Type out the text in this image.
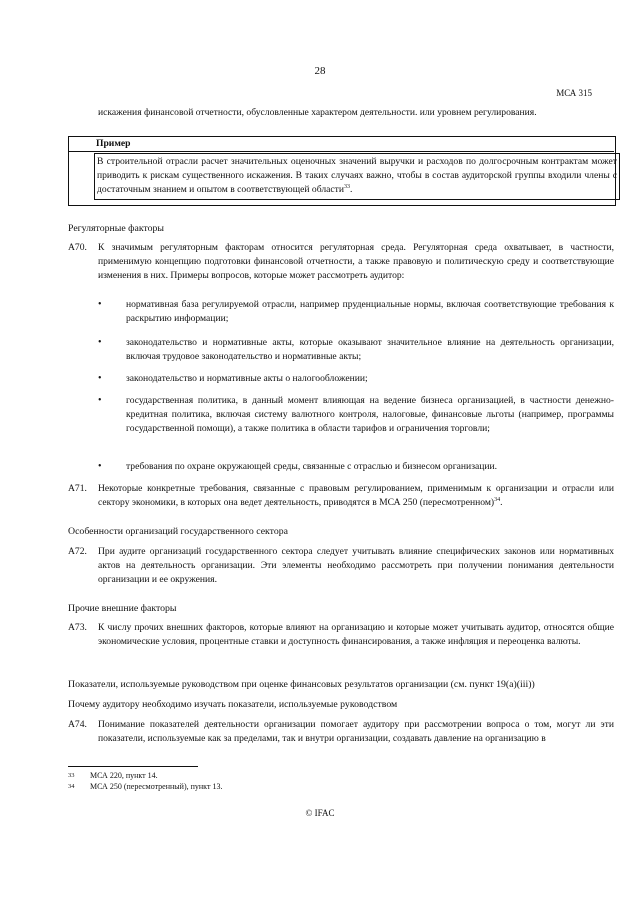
28
МСА 315
искажения финансовой отчетности, обусловленные характером деятельности. или уровнем регулирования.
Пример
В строительной отрасли расчет значительных оценочных значений выручки и расходов по долгосрочным контрактам может приводить к рискам существенного искажения. В таких случаях важно, чтобы в состав аудиторской группы входили члены с достаточным знанием и опытом в соответствующей области$^{33}$.
Регуляторные факторы
А70. К значимым регуляторным факторам относится регуляторная среда. Регуляторная среда охватывает, в частности, применимую концепцию подготовки финансовой отчетности, а также правовую и политическую среду и соответствующие изменения в них. Примеры вопросов, которые может рассмотреть аудитор:
•	нормативная база регулируемой отрасли, например пруденциальные нормы, включая соответствующие требования к раскрытию информации;
•	законодательство и нормативные акты, которые оказывают значительное влияние на деятельность организации, включая трудовое законодательство и нормативные акты;
•	законодательство и нормативные акты о налогообложении;
•	государственная политика, в данный момент влияющая на ведение бизнеса организацией, в частности денежно-кредитная политика, включая систему валютного контроля, налоговые, финансовые льготы (например, программы государственной помощи), а также политика в области тарифов и ограничения торговли;
•	требования по охране окружающей среды, связанные с отраслью и бизнесом организации.
А71. Некоторые конкретные требования, связанные с правовым регулированием, применимым к организации и отрасли или сектору экономики, в которых она ведет деятельность, приводятся в МСА 250 (пересмотренном)$^{34}$.
Особенности организаций государственного сектора
А72. При аудите организаций государственного сектора следует учитывать влияние специфических законов или нормативных актов на деятельность организации. Эти элементы необходимо рассмотреть при получении понимания деятельности организации и ее окружения.
Прочие внешние факторы
А73. К числу прочих внешних факторов, которые влияют на организацию и которые может учитывать аудитор, относятся общие экономические условия, процентные ставки и доступность финансирования, а также инфляция и переоценка валюты.
Показатели, используемые руководством при оценке финансовых результатов организации (см. пункт 19(a)(iii))
Почему аудитору необходимо изучать показатели, используемые руководством
А74. Понимание показателей деятельности организации помогает аудитору при рассмотрении вопроса о том, могут ли эти показатели, используемые как за пределами, так и внутри организации, создавать давление на организацию в
33 МСА 220, пункт 14.
34 МСА 250 (пересмотренный), пункт 13.
© IFAC
